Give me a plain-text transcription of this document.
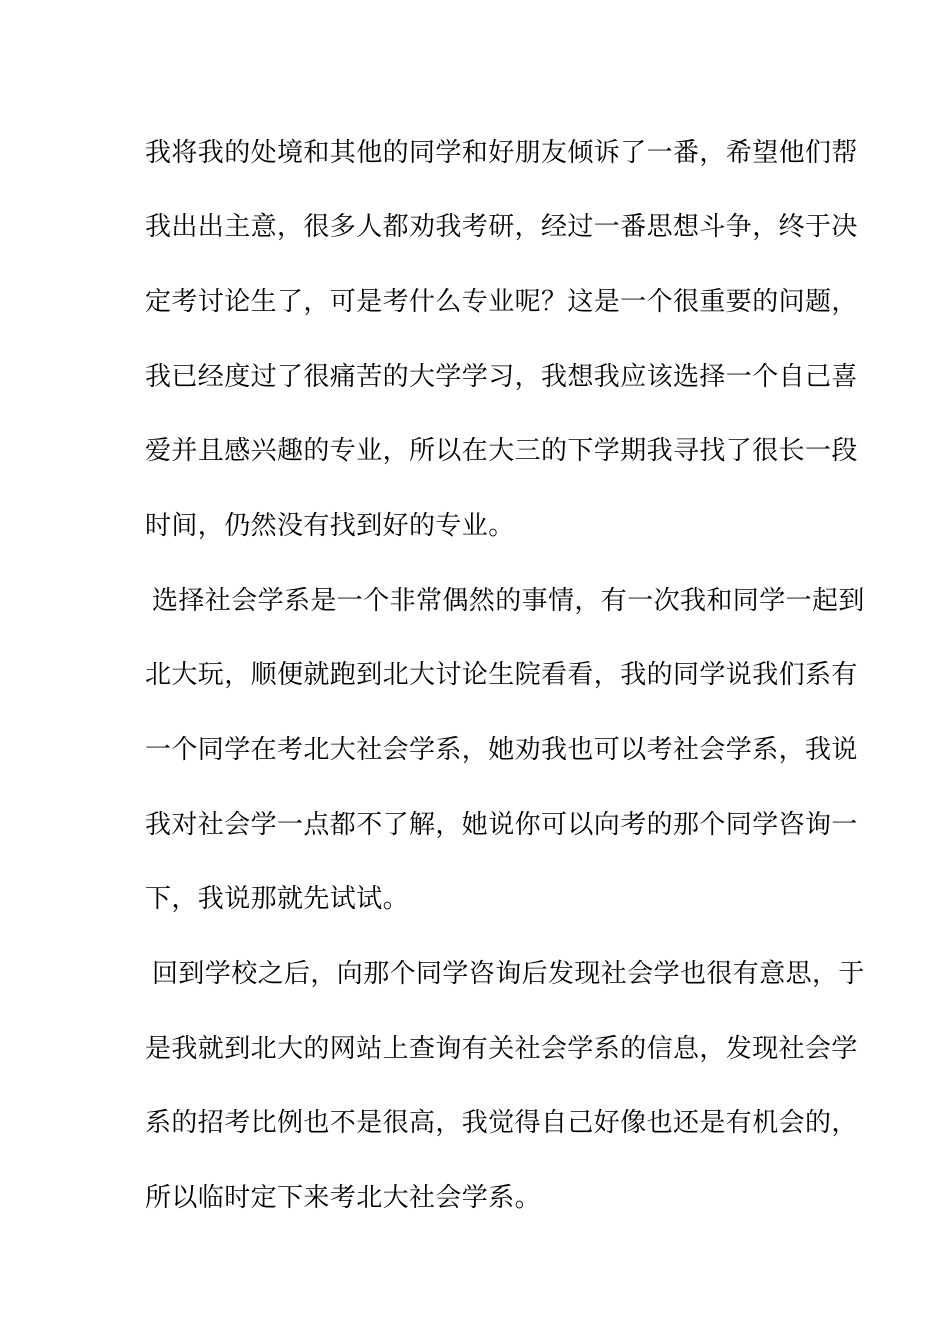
我将我的处境和其他的同学和好朋友倾诉了一番，希望他们帮
我出出主意，很多人都劝我考研，经过一番思想斗争，终于决
定考讨论生了，可是考什么专业呢？这是一个很重要的问题，
我已经度过了很痛苦的大学学习，我想我应该选择一个自己喜
爱并且感兴趣的专业，所以在大三的下学期我寻找了很长一段
时间，仍然没有找到好的专业。
选择社会学系是一个非常偶然的事情，有一次我和同学一起到
北大玩，顺便就跑到北大讨论生院看看，我的同学说我们系有
一个同学在考北大社会学系，她劝我也可以考社会学系，我说
我对社会学一点都不了解，她说你可以向考的那个同学咨询一
下，我说那就先试试。
回到学校之后，向那个同学咨询后发现社会学也很有意思，于
是我就到北大的网站上查询有关社会学系的信息，发现社会学
系的招考比例也不是很高，我觉得自己好像也还是有机会的，
所以临时定下来考北大社会学系。
